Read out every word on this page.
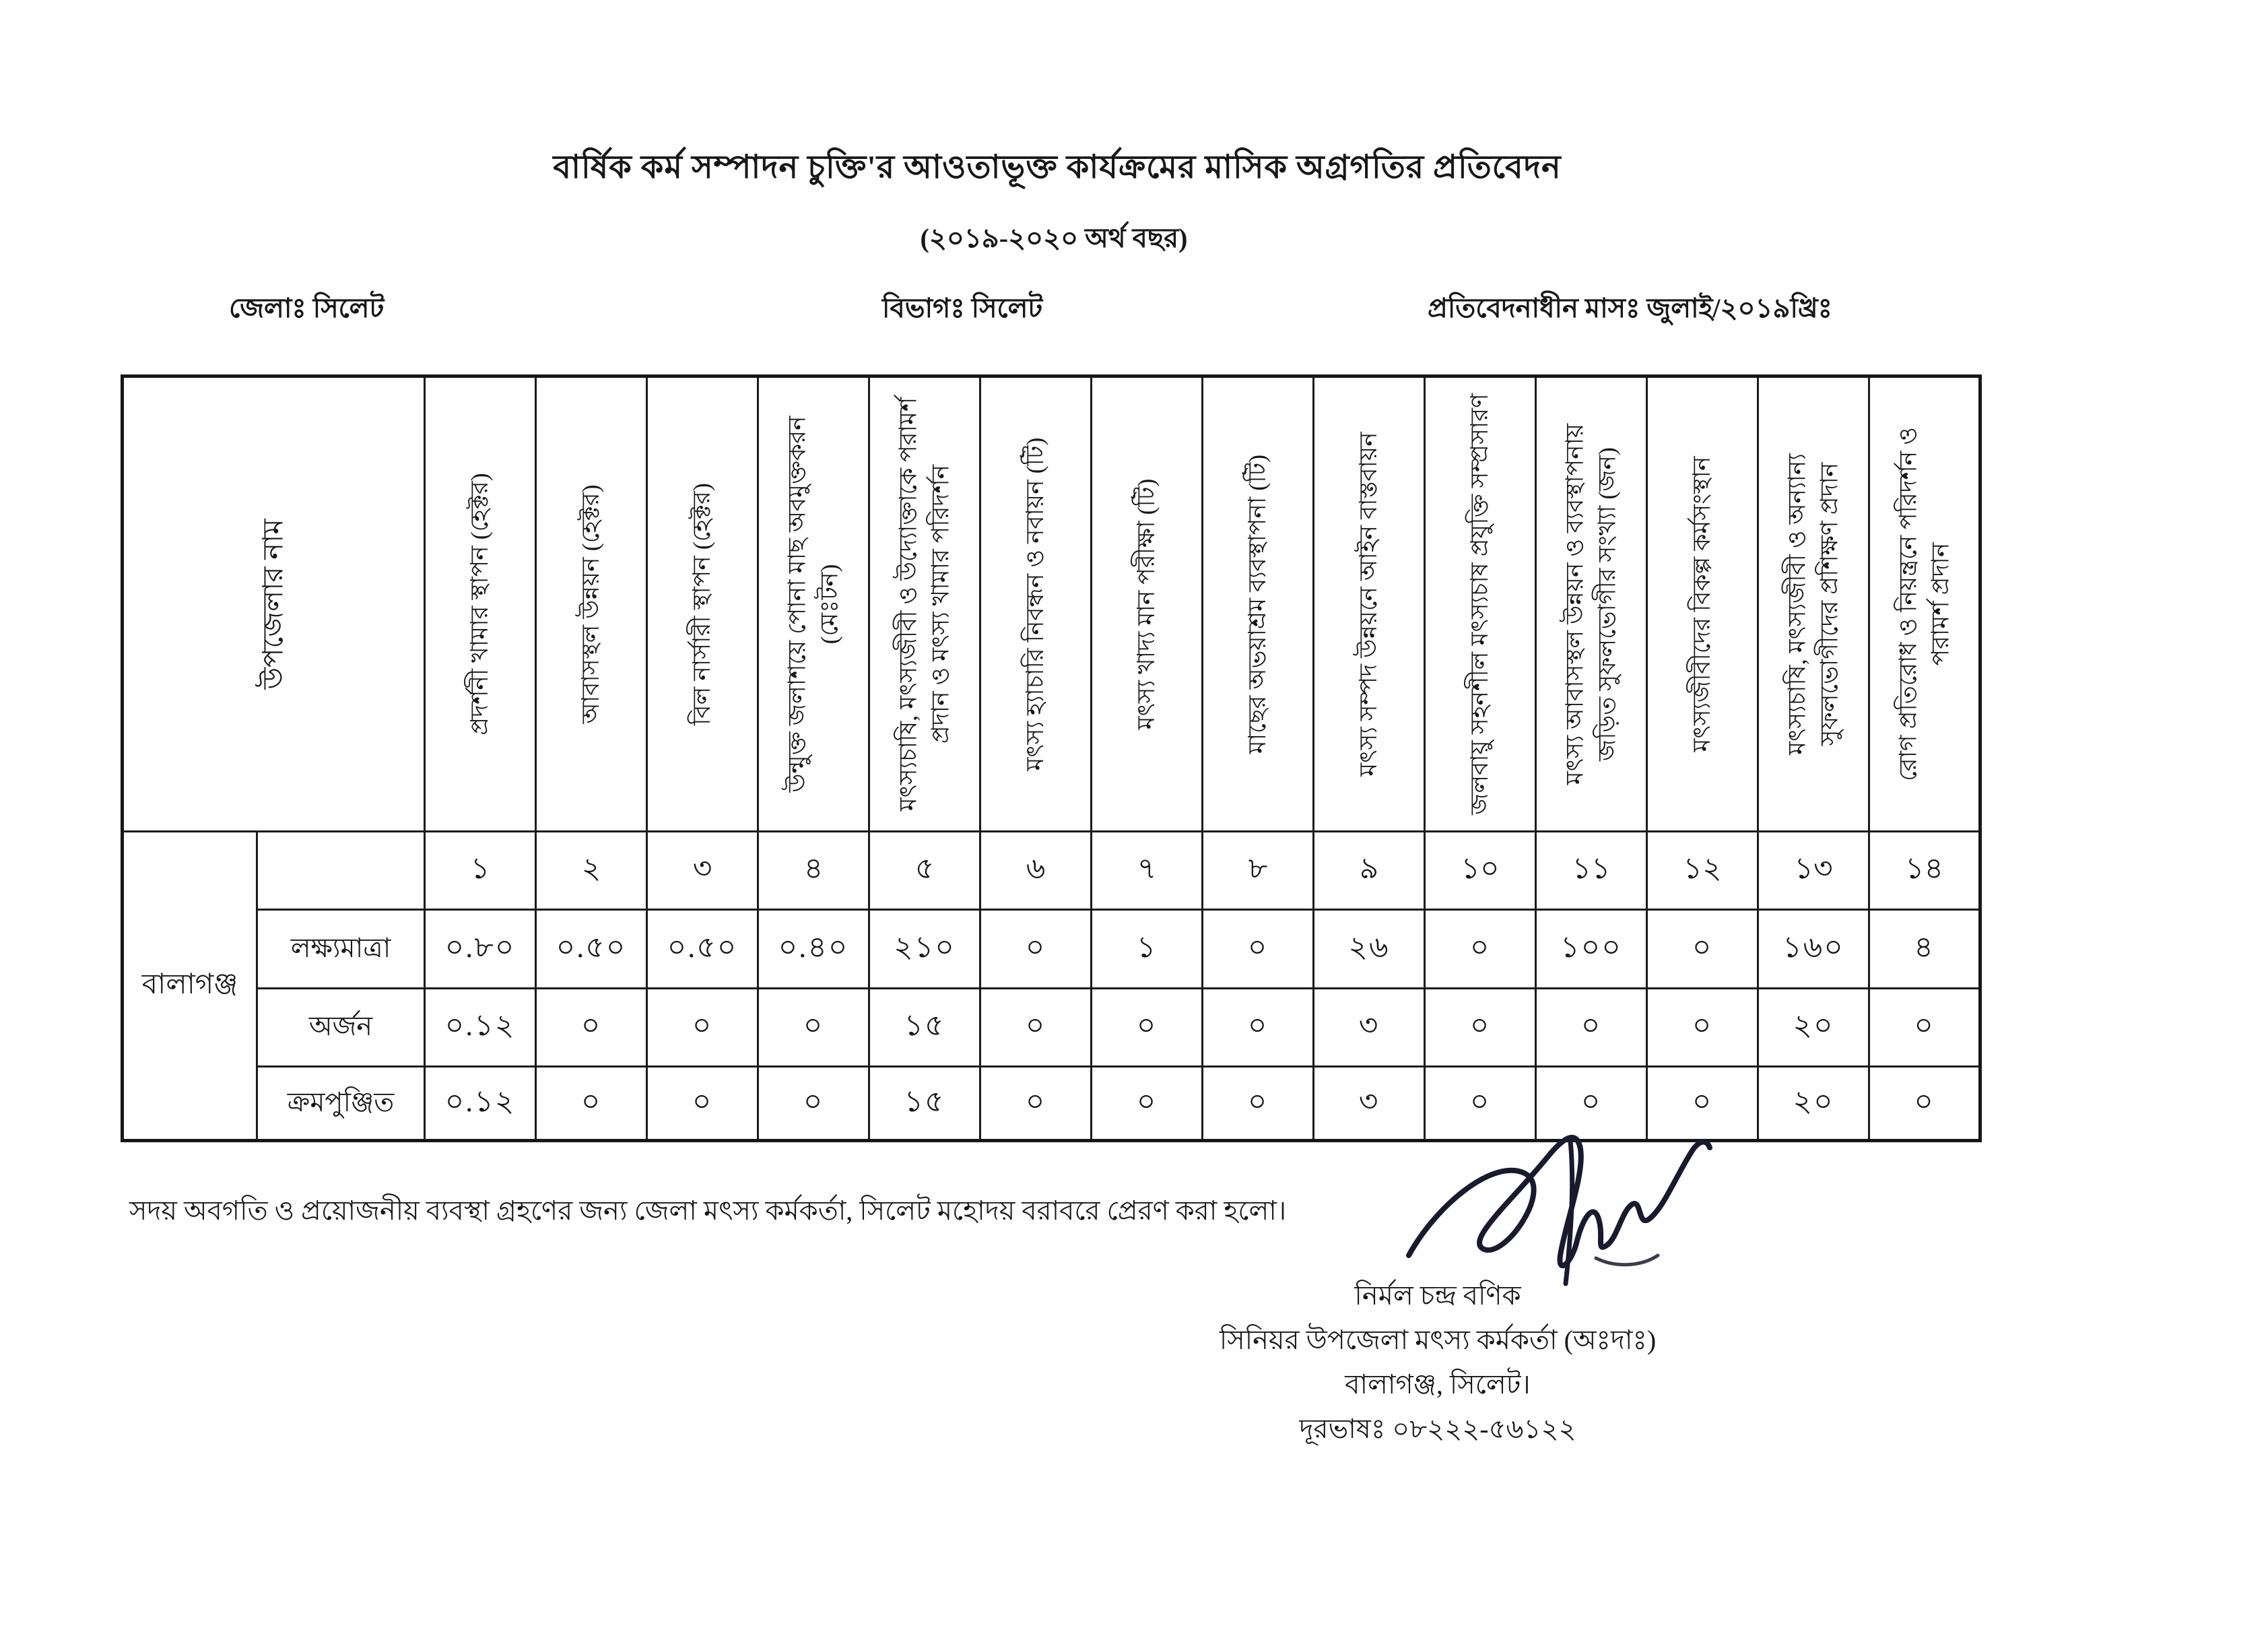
বার্ষিক কর্ম সম্পাদন চুক্তি'র আওতাভূক্ত কার্যক্রমের মাসিক অগ্রগতির প্রতিবেদন
(২০১৯-২০২০ অর্থ বছর)
জেলাঃ সিলেট	বিভাগঃ সিলেট	প্রতিবেদনাধীন মাসঃ জুলাই/২০১৯খ্রিঃ
উপজেলার নাম		প্রদর্শনী খামার স্থাপন (হেক্টর)	আবাসস্থল উন্নয়ন (হেক্টর)	বিল নার্সারী স্থাপন (হেক্টর)	উন্মুক্ত জলাশয়ে পোনা মাছ অবমুক্তকরন (মেঃটন)	মৎস্যচাষি, মৎস্যজীবী ও উদ্যোক্তাকে পরামর্শ প্রদান ও মৎস্য খামার পরিদর্শন	মৎস্য হ্যাচারি নিবন্ধন ও নবায়ন (টি)	মৎস্য খাদ্য মান পরীক্ষা (টি)	মাছের অভয়াশ্রম ব্যবস্থাপনা (টি)	মৎস্য সম্পদ উন্নয়নে আইন বাস্তবায়ন	জলবায়ু সহনশীল মৎস্যচাষ প্রযুক্তি সম্প্রসারণ	মৎস্য আবাসস্থল উন্নয়ন ও ব্যবস্থাপনায় জড়িত সুফলভোগীর সংখ্যা (জন)	মৎস্যজীবীদের বিকল্প কর্মসংস্থান	মৎস্যচাষি, মৎস্যজীবী ও অন্যান্য সুফলভোগীদের প্রশিক্ষণ প্রদান	রোগ প্রতিরোধ ও নিয়ন্ত্রনে পরিদর্শন ও পরামর্শ প্রদান

বালাগঞ্জ		১	২	৩	৪	৫	৬	৭	৮	৯	১০	১১	১২	১৩	১৪
	লক্ষ্যমাত্রা	০.৮০	০.৫০	০.৫০	০.৪০	২১০	০	১	০	২৬	০	১০০	০	১৬০	৪
	অর্জন	০.১২	০	০	০	১৫	০	০	০	৩	০	০	০	২০	০
	ক্রমপুঞ্জিত	০.১২	০	০	০	১৫	০	০	০	৩	০	০	০	২০	০
সদয় অবগতি ও প্রয়োজনীয় ব্যবস্থা গ্রহণের জন্য জেলা মৎস্য কর্মকর্তা, সিলেট মহোদয় বরাবরে প্রেরণ করা হলো।
নির্মল চন্দ্র বণিক
সিনিয়র উপজেলা মৎস্য কর্মকর্তা (অঃদাঃ)
বালাগঞ্জ, সিলেট।
দূরভাষঃ ০৮২২২-৫৬১২২
